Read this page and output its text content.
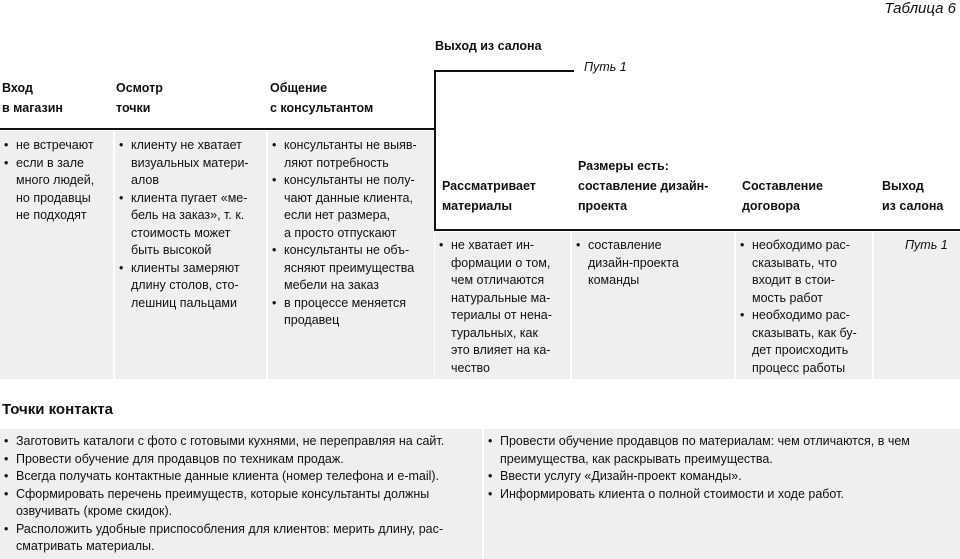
Таблица 6
Выход из салона
Путь 1
Вход
в магазин
Осмотр
точки
Общение
с консультантом
• не встречают
• если в зале
много людей,
но продавцы
не подходят
• клиенту не хватает
визуальных матери-
алов
• клиента пугает «ме-
бель на заказ», т. к.
стоимость может
быть высокой
• клиенты замеряют
длину столов, сто-
лешниц пальцами
• консультанты не выяв-
ляют потребность
• консультанты не полу-
чают данные клиента,
если нет размера,
а просто отпускают
• консультанты не объ-
ясняют преимущества
мебели на заказ
• в процессе меняется
продавец
Рассматривает
материалы
Размеры есть:
составление дизайн-
проекта
Составление
договора
Выход
из салона
• не хватает ин-
формации о том,
чем отличаются
натуральные ма-
териалы от нена-
туральных, как
это влияет на ка-
чество
• составление
дизайн-проекта
команды
• необходимо рас-
сказывать, что
входит в стои-
мость работ
• необходимо рас-
сказывать, как бу-
дет происходить
процесс работы
Путь 1
Точки контакта
• Заготовить каталоги с фото с готовыми кухнями, не переправляя на сайт.
• Провести обучение для продавцов по техникам продаж.
• Всегда получать контактные данные клиента (номер телефона и e-mail).
• Сформировать перечень преимуществ, которые консультанты должны
озвучивать (кроме скидок).
• Расположить удобные приспособления для клиентов: мерить длину, рас-
сматривать материалы.
• Провести обучение продавцов по материалам: чем отличаются, в чем
преимущества, как раскрывать преимущества.
• Ввести услугу «Дизайн-проект команды».
• Информировать клиента о полной стоимости и ходе работ.
